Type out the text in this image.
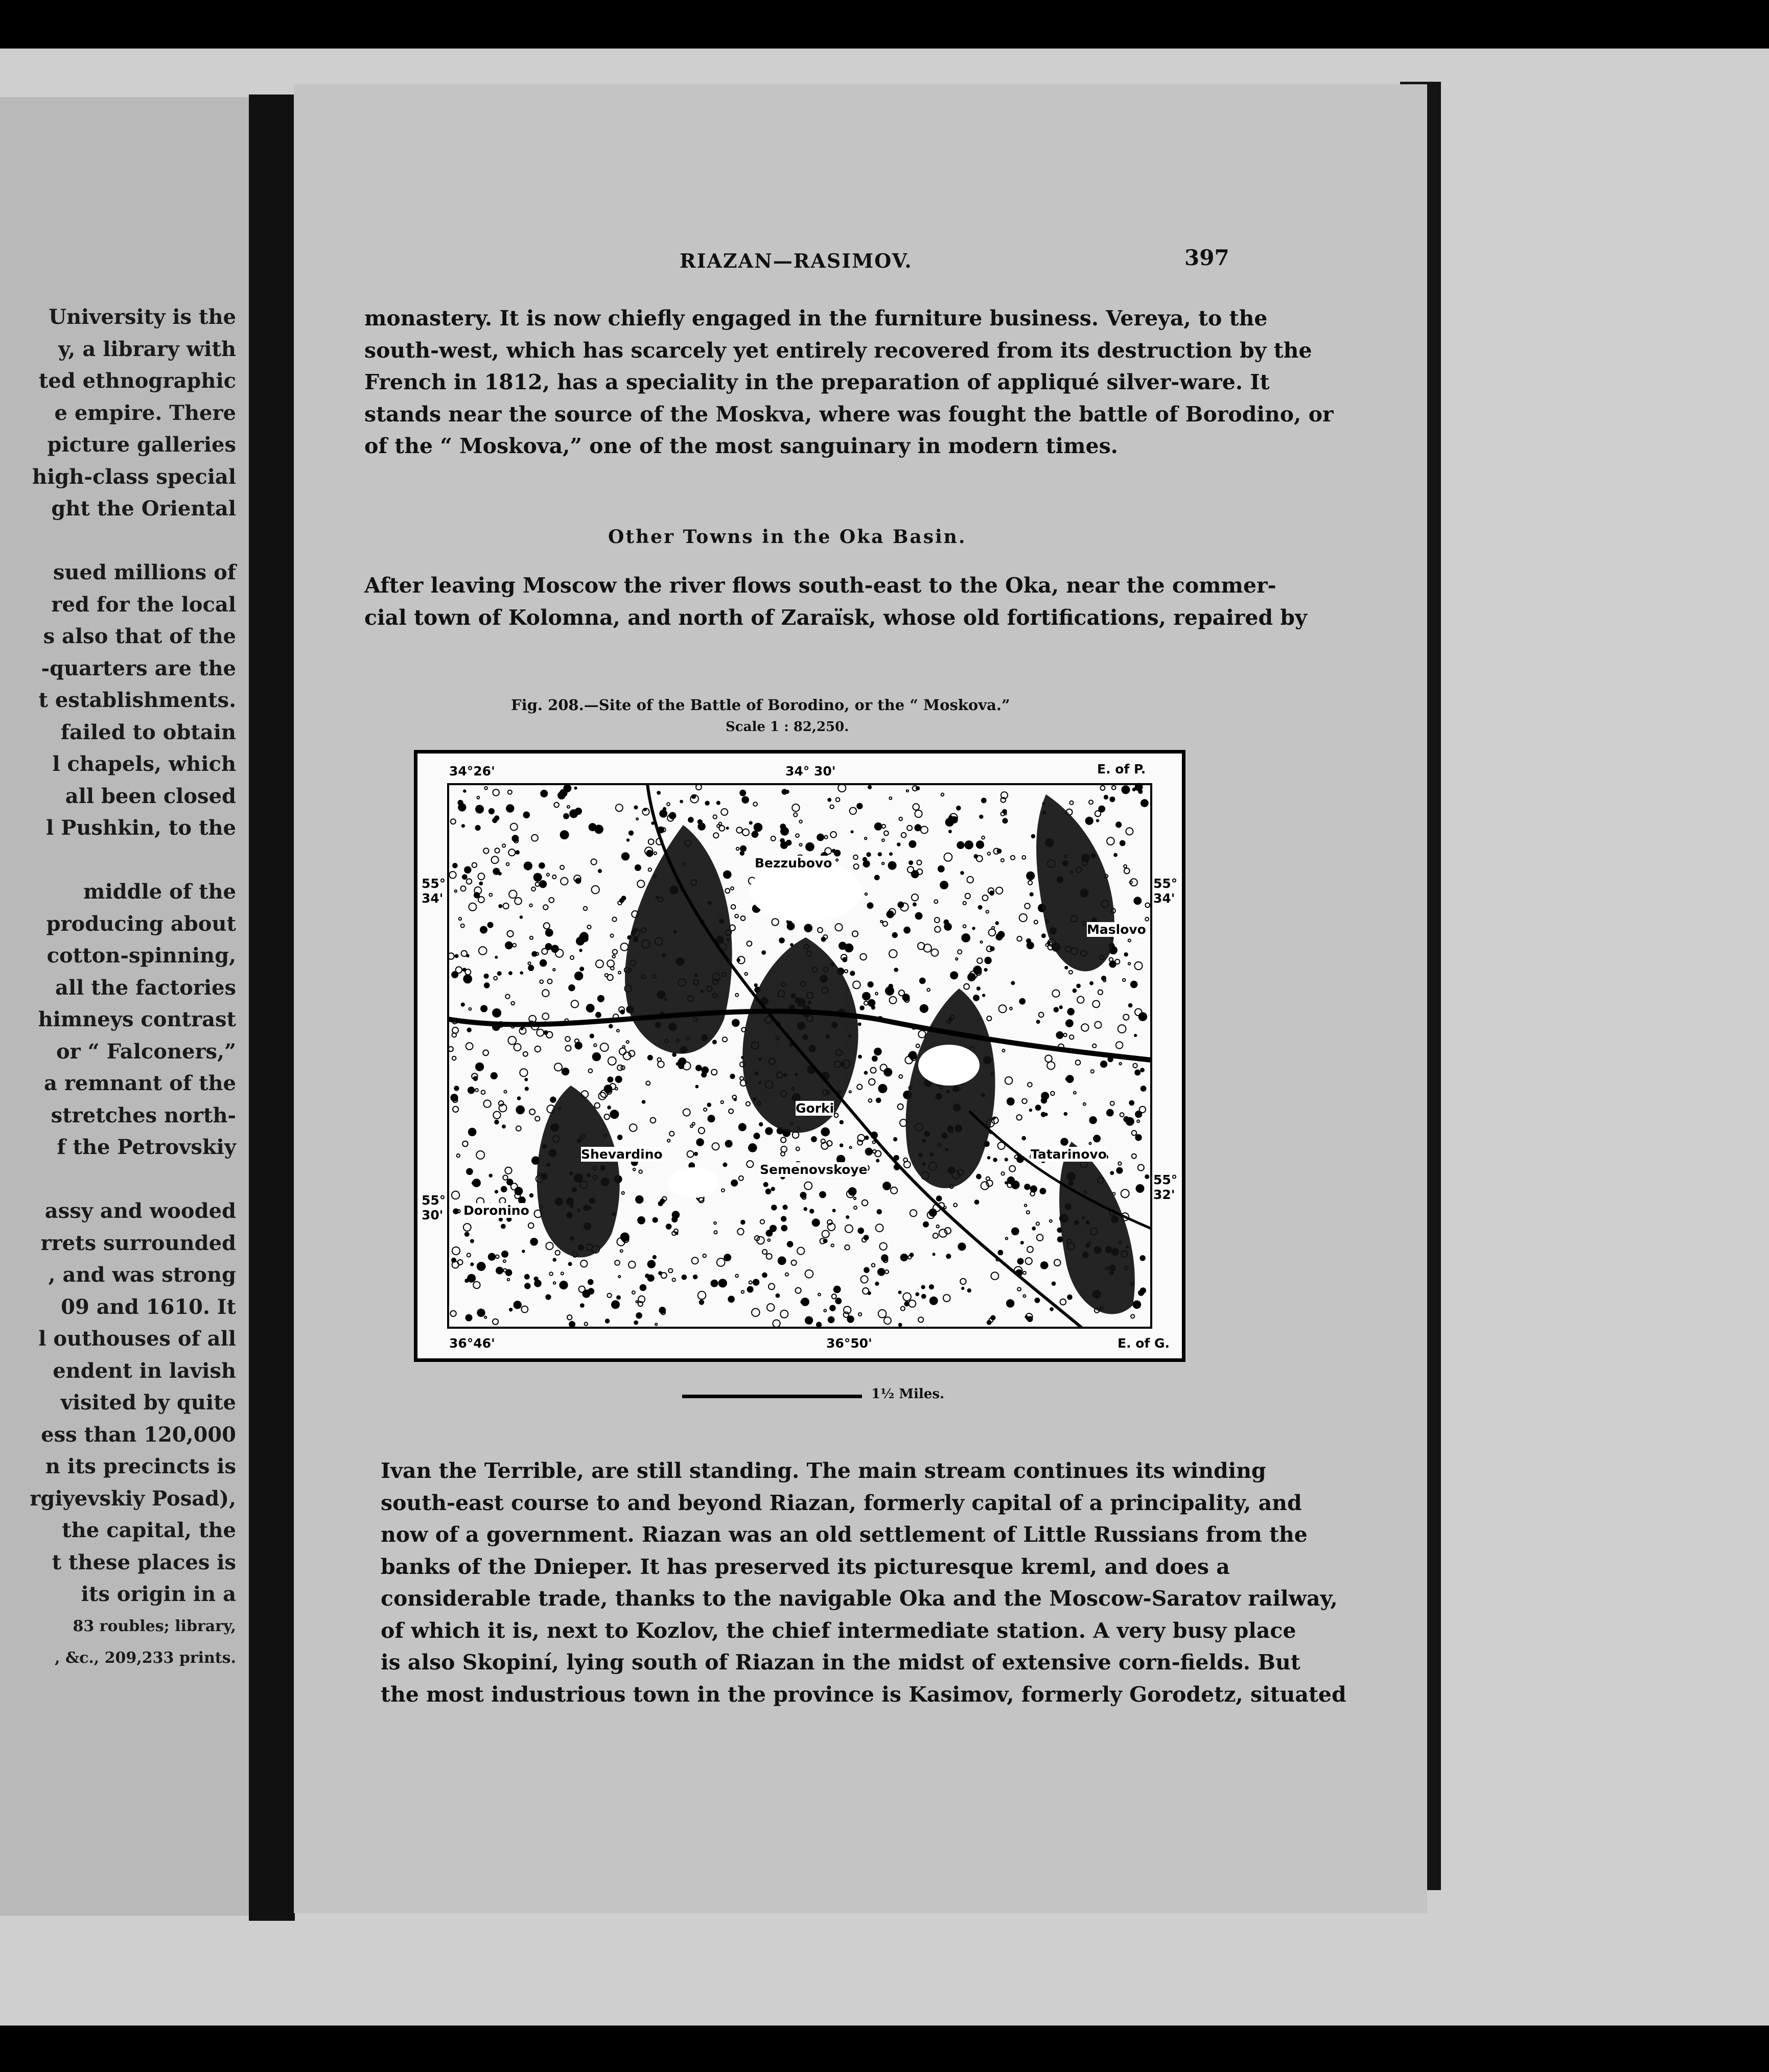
University is the
y, a library with
ted ethnographic
e empire. There
picture galleries
high-class special
ght the Oriental

sued millions of
red for the local
s also that of the
-quarters are the
t establishments.
failed to obtain
l chapels, which
all been closed
l Pushkin, to the

middle of the
producing about
cotton-spinning,
all the factories
himneys contrast
or “ Falconers,”
a remnant of the
stretches north-
f the Petrovskiy

assy and wooded
rrets surrounded
, and was strong
09 and 1610. It
l outhouses of all
endent in lavish
visited by quite
ess than 120,000
n its precincts is
rgiyevskiy Posad),
the capital, the
t these places is
its origin in a
83 roubles; library,
, &c., 209,233 prints.
RIAZAN—RASIMOV.	397
monastery. It is now chiefly engaged in the furniture business. Vereya, to the
south-west, which has scarcely yet entirely recovered from its destruction by the
French in 1812, has a speciality in the preparation of appliqué silver-ware. It
stands near the source of the Moskva, where was fought the battle of Borodino, or
of the “ Moskova,” one of the most sanguinary in modern times.
Other Towns in the Oka Basin.
After leaving Moscow the river flows south-east to the Oka, near the commer-
cial town of Kolomna, and north of Zaraïsk, whose old fortifications, repaired by
Fig. 208.—Site of the Battle of Borodino, or the “ Moskova.”
Scale 1 : 82,250.
34°26'	34° 30'	E. of P.
55° 34'
55° 34'
55° 30'
55° 32'
36°46'	36°50'	E. of G.
Bezzubovo
Maslovo
Shevardino
Semenovskoye
Gorki
Tatarinovo
Doronino
1½ Miles.
Ivan the Terrible, are still standing. The main stream continues its winding
south-east course to and beyond Riazan, formerly capital of a principality, and
now of a government. Riazan was an old settlement of Little Russians from the
banks of the Dnieper. It has preserved its picturesque kreml, and does a
considerable trade, thanks to the navigable Oka and the Moscow-Saratov railway,
of which it is, next to Kozlov, the chief intermediate station. A very busy place
is also Skopiní, lying south of Riazan in the midst of extensive corn-fields. But
the most industrious town in the province is Kasimov, formerly Gorodetz, situated
